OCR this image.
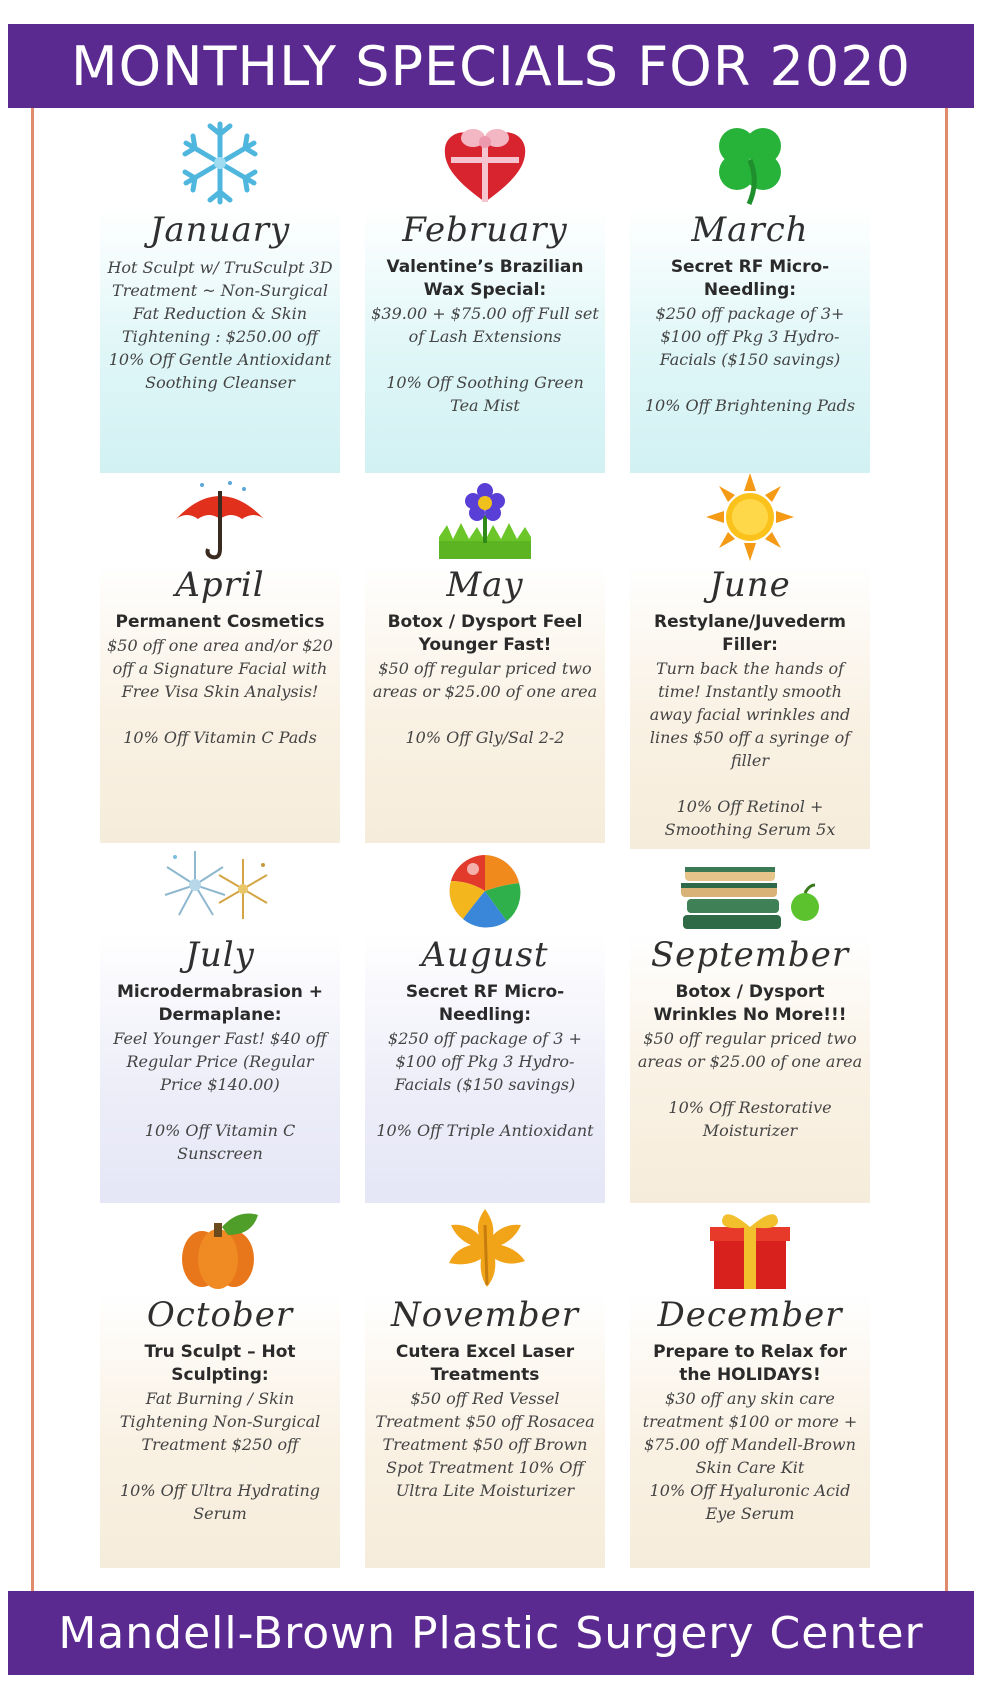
MONTHLY SPECIALS FOR 2020
January
Hot Sculpt w/ TruSculpt 3D Treatment ~ Non-Surgical Fat Reduction & Skin Tightening : $250.00 off
10% Off Gentle Antioxidant Soothing Cleanser
February
Valentine’s Brazilian Wax Special:
$39.00 + $75.00 off Full set of Lash Extensions
10% Off Soothing Green Tea Mist
March
Secret RF Micro-Needling:
$250 off package of 3+ $100 off Pkg 3 Hydro-Facials ($150 savings)
10% Off Brightening Pads
April
Permanent Cosmetics
$50 off one area and/or $20 off a Signature Facial with Free Visa Skin Analysis!
10% Off Vitamin C Pads
May
Botox / Dysport Feel Younger Fast!
$50 off regular priced two areas or $25.00 of one area
10% Off Gly/Sal 2-2
June
Restylane/Juvederm Filler:
Turn back the hands of time! Instantly smooth away facial wrinkles and lines $50 off a syringe of filler
10% Off Retinol + Smoothing Serum 5x
July
Microdermabrasion + Dermaplane:
Feel Younger Fast! $40 off Regular Price (Regular Price $140.00)
10% Off Vitamin C Sunscreen
August
Secret RF Micro-Needling:
$250 off package of 3 + $100 off Pkg 3 Hydro-Facials ($150 savings)
10% Off Triple Antioxidant
September
Botox / Dysport Wrinkles No More!!!
$50 off regular priced two areas or $25.00 of one area
10% Off Restorative Moisturizer
October
Tru Sculpt – Hot Sculpting:
Fat Burning / Skin Tightening Non-Surgical Treatment $250 off
10% Off Ultra Hydrating Serum
November
Cutera Excel Laser Treatments
$50 off Red Vessel Treatment $50 off Rosacea Treatment $50 off Brown Spot Treatment 10% Off Ultra Lite Moisturizer
December
Prepare to Relax for the HOLIDAYS!
$30 off any skin care treatment $100 or more + $75.00 off Mandell-Brown Skin Care Kit
10% Off Hyaluronic Acid Eye Serum
Mandell-Brown Plastic Surgery Center
